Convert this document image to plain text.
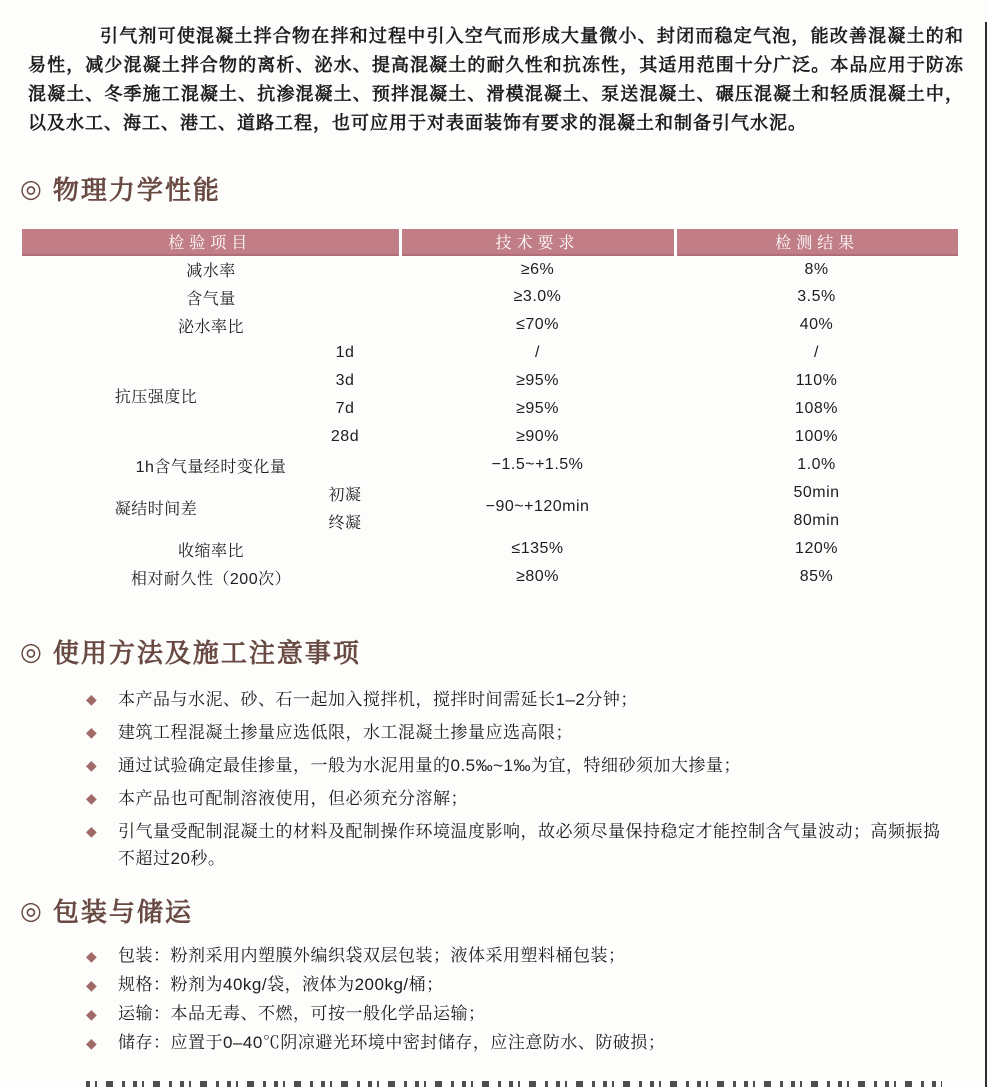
引气剂可使混凝土拌合物在拌和过程中引入空气而形成大量微小、封闭而稳定气泡，能改善混凝土的和易性，减少混凝土拌合物的离析、泌水、提高混凝土的耐久性和抗冻性，其适用范围十分广泛。本品应用于防冻混凝土、冬季施工混凝土、抗渗混凝土、预拌混凝土、滑模混凝土、泵送混凝土、碾压混凝土和轻质混凝土中，以及水工、海工、港工、道路工程，也可应用于对表面装饰有要求的混凝土和制备引气水泥。

◎ 物理力学性能
检验项目		技术要求	检测结果
减水率		≥6%	8%
含气量		≥3.0%	3.5%
泌水率比		≤70%	40%
抗压强度比	1d	/	/
	3d	≥95%	110%
	7d	≥95%	108%
	28d	≥90%	100%
1h含气量经时变化量		−1.5~+1.5%	1.0%
凝结时间差	初凝	−90~+120min	50min
	终凝		80min
收缩率比		≤135%	120%
相对耐久性（200次）		≥80%	85%
◎ 使用方法及施工注意事项
◆ 本产品与水泥、砂、石一起加入搅拌机，搅拌时间需延长1–2分钟；
◆ 建筑工程混凝土掺量应选低限，水工混凝土掺量应选高限；
◆ 通过试验确定最佳掺量，一般为水泥用量的0.5‰~1‰为宜，特细砂须加大掺量；
◆ 本产品也可配制溶液使用，但必须充分溶解；
◆ 引气量受配制混凝土的材料及配制操作环境温度影响，故必须尽量保持稳定才能控制含气量波动；高频振捣不超过20秒。
◎ 包装与储运
◆ 包装：粉剂采用内塑膜外编织袋双层包装；液体采用塑料桶包装；
◆ 规格：粉剂为40kg/袋，液体为200kg/桶；
◆ 运输：本品无毒、不燃，可按一般化学品运输；
◆ 储存：应置于0–40℃阴凉避光环境中密封储存，应注意防水、防破损；
